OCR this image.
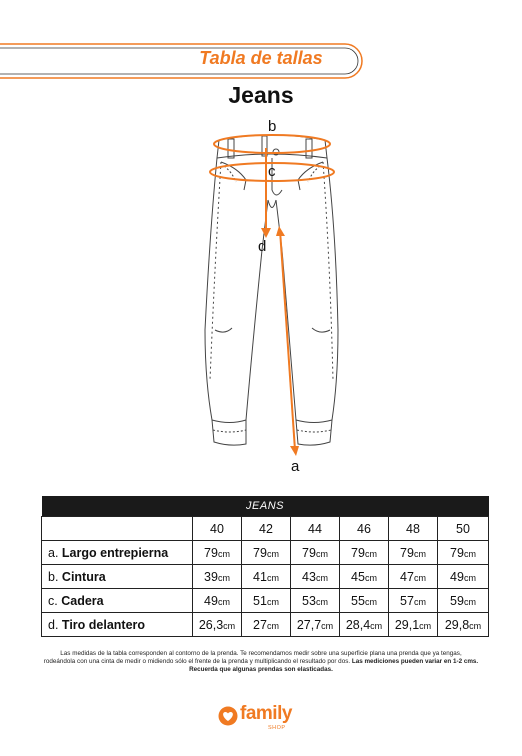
Tabla de tallas
Jeans
b
c
d
a
JEANS						
	40	42	44	46	48	50
a. Largo entrepierna	79cm	79cm	79cm	79cm	79cm	79cm
b. Cintura	39cm	41cm	43cm	45cm	47cm	49cm
c. Cadera	49cm	51cm	53cm	55cm	57cm	59cm
d. Tiro delantero	26,3cm	27cm	27,7cm	28,4cm	29,1cm	29,8cm
Las medidas de la tabla corresponden al contorno de la prenda. Te recomendamos medir sobre una superficie plana una prenda que ya tengas,
rodeándola con una cinta de medir o midiendo sólo el frente de la prenda y multiplicando el resultado por dos. Las mediciones pueden variar en 1-2 cms.
Recuerda que algunas prendas son elasticadas.
family
SHOP
